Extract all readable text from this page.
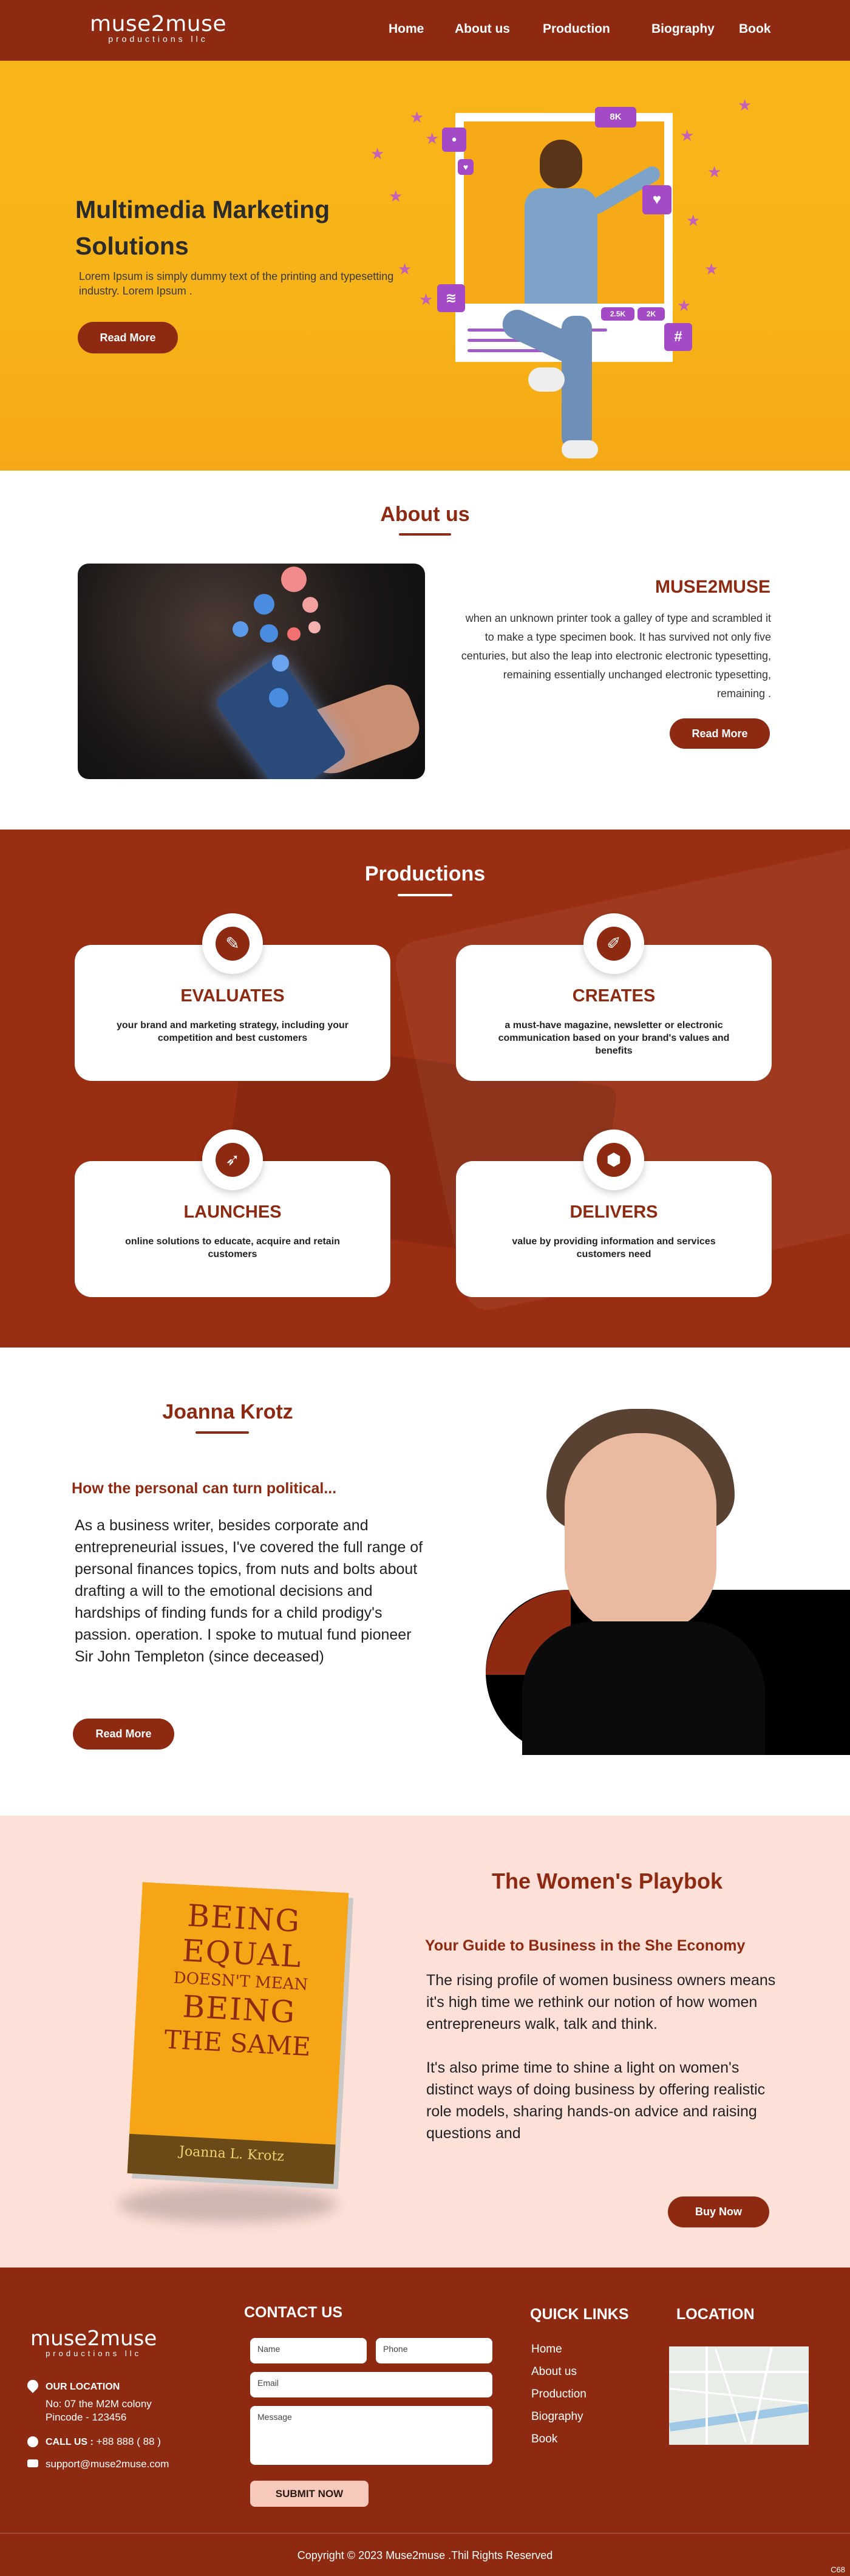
muse2muse
productions llc
Home About us	Production	Biography Book
Multimedia Marketing Solutions
Lorem Ipsum is simply dummy text of the printing and typesetting industry. Lorem Ipsum .
Read More
★
★
★
★
★
★
★
★
★
★
★
★
2.5K	2K
8K
●
♥
♥
≋
#
About us
MUSE2MUSE
when an unknown printer took a galley of type and scrambled it to make a type specimen book. It has survived not only five centuries, but also the leap into electronic electronic typesetting, remaining essentially unchanged electronic typesetting, remaining .
Read More
Productions
✎
EVALUATES
your brand and marketing strategy, including your competition and best customers
✐
CREATES
a must-have magazine, newsletter or electronic communication based on your brand's values and benefits
➶
LAUNCHES
online solutions to educate, acquire and retain customers
⬢
DELIVERS
value by providing information and services customers need
Joanna Krotz
How the personal can turn political...
As a business writer, besides corporate and entrepreneurial issues, I've covered the full range of personal finances topics, from nuts and bolts about drafting a will to the emotional decisions and hardships of finding funds for a child prodigy's passion. operation. I spoke to mutual fund pioneer Sir John Templeton (since deceased)
Read More
BEING
EQUAL
DOESN'T MEAN
BEING
THE SAME
Joanna L. Krotz
The Women's Playbok
Your Guide to Business in the She Economy

The rising profile of women business owners means it's high time we rethink our notion of how women entrepreneurs walk, talk and think.

It's also prime time to shine a light on women's distinct ways of doing business by offering realistic role models, sharing hands-on advice and raising questions and

Buy Now
muse2muse
productions llc
OUR LOCATION
No: 07 the M2M colony
Pincode - 123456
CALL US : +88 888 ( 88 )
support@muse2muse.com
CONTACT US
Name	Phone
Email
Message
SUBMIT NOW
QUICK LINKS
Home
About us
Production
Biography
Book
LOCATION
Copyright © 2023 Muse2muse .Thil Rights Reserved
C68
